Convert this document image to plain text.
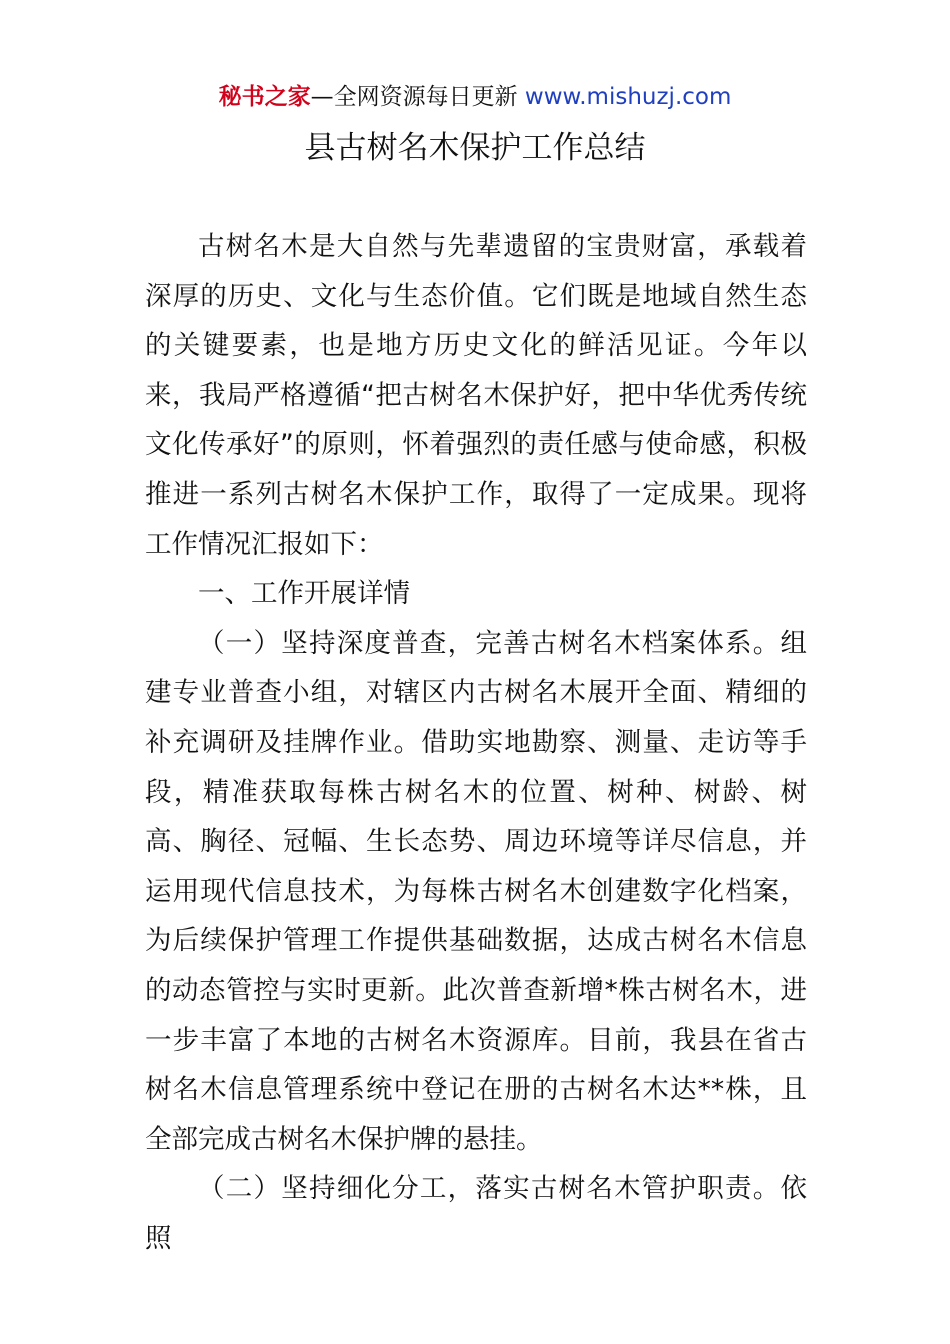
秘书之家—全网资源每日更新 www.mishuzj.com
县古树名木保护工作总结

古树名木是大自然与先辈遗留的宝贵财富，承载着深厚的历史、文化与生态价值。它们既是地域自然生态的关键要素，也是地方历史文化的鲜活见证。今年以来，我局严格遵循“把古树名木保护好，把中华优秀传统文化传承好”的原则，怀着强烈的责任感与使命感，积极推进一系列古树名木保护工作，取得了一定成果。现将工作情况汇报如下：

一、工作开展详情

（一）坚持深度普查，完善古树名木档案体系。组建专业普查小组，对辖区内古树名木展开全面、精细的补充调研及挂牌作业。借助实地勘察、测量、走访等手段，精准获取每株古树名木的位置、树种、树龄、树高、胸径、冠幅、生长态势、周边环境等详尽信息，并运用现代信息技术，为每株古树名木创建数字化档案，为后续保护管理工作提供基础数据，达成古树名木信息的动态管控与实时更新。此次普查新增*株古树名木，进一步丰富了本地的古树名木资源库。目前，我县在省古树名木信息管理系统中登记在册的古树名木达**株，且全部完成古树名木保护牌的悬挂。

（二）坚持细化分工，落实古树名木管护职责。依照
